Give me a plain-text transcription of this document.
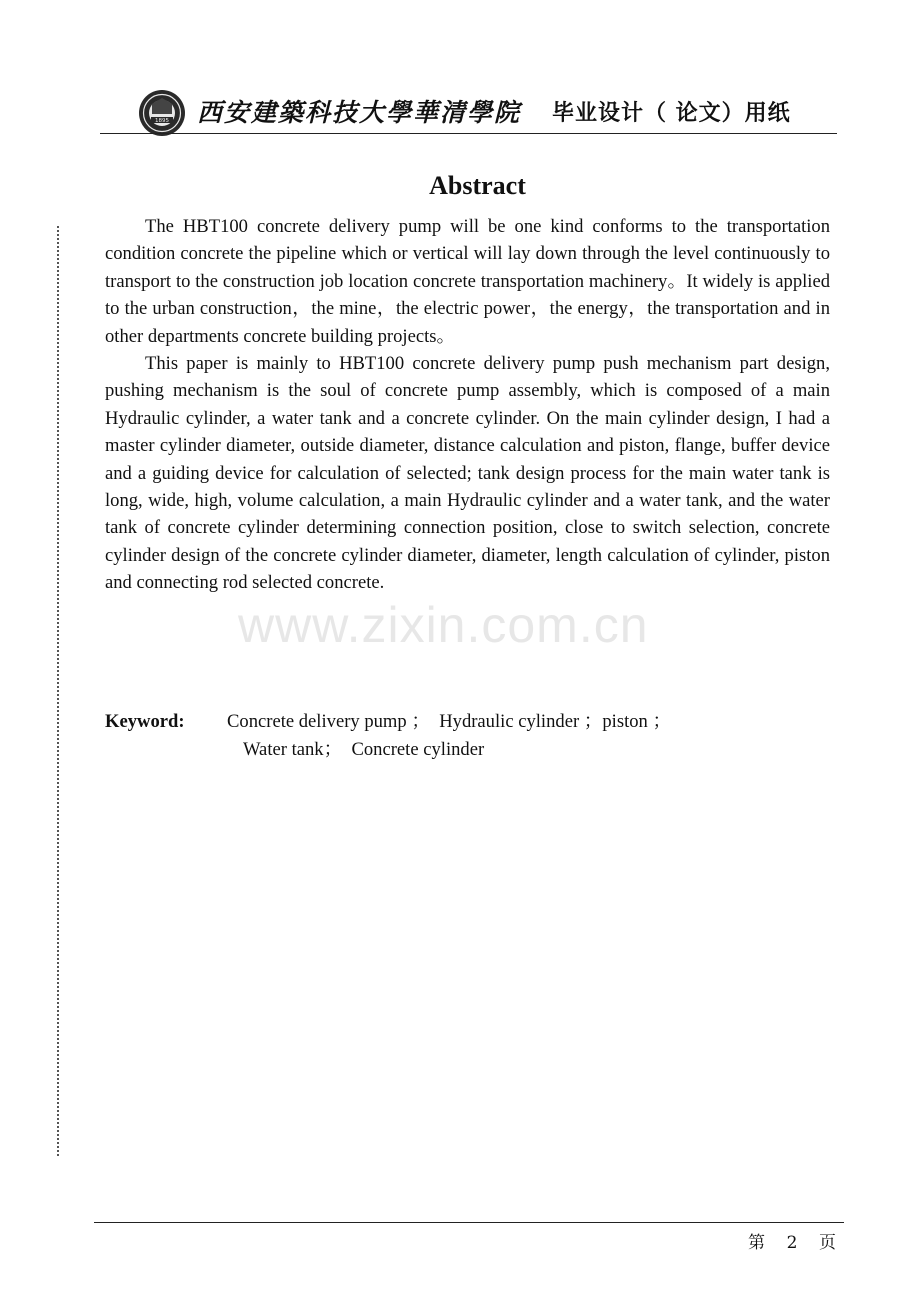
1895 西安建築科技大學華清學院 毕业设计（ 论文）用纸
Abstract

The HBT100 concrete delivery pump will be one kind conforms to the transportation condition concrete the pipeline which or vertical will lay down through the level continuously to transport to the construction job location concrete transportation machinery。It widely is applied to the urban construction，the mine，the electric power，the energy，the transportation and in other departments concrete building projects。

This paper is mainly to HBT100 concrete delivery pump push mechanism part design, pushing mechanism is the soul of concrete pump assembly, which is composed of a main Hydraulic cylinder, a water tank and a concrete cylinder. On the main cylinder design, I had a master cylinder diameter, outside diameter, distance calculation and piston, flange, buffer device and a guiding device for calculation of selected; tank design process for the main water tank is long, wide, high, volume calculation, a main Hydraulic cylinder and a water tank, and the water tank of concrete cylinder determining connection position, close to switch selection, concrete cylinder design of the concrete cylinder diameter, diameter, length calculation of cylinder, piston and connecting rod selected concrete.

www.zixin.com.cn
Keyword: Concrete delivery pump ；  Hydraulic cylinder ；piston ；
Water tank；  Concrete cylinder
第    2    页
